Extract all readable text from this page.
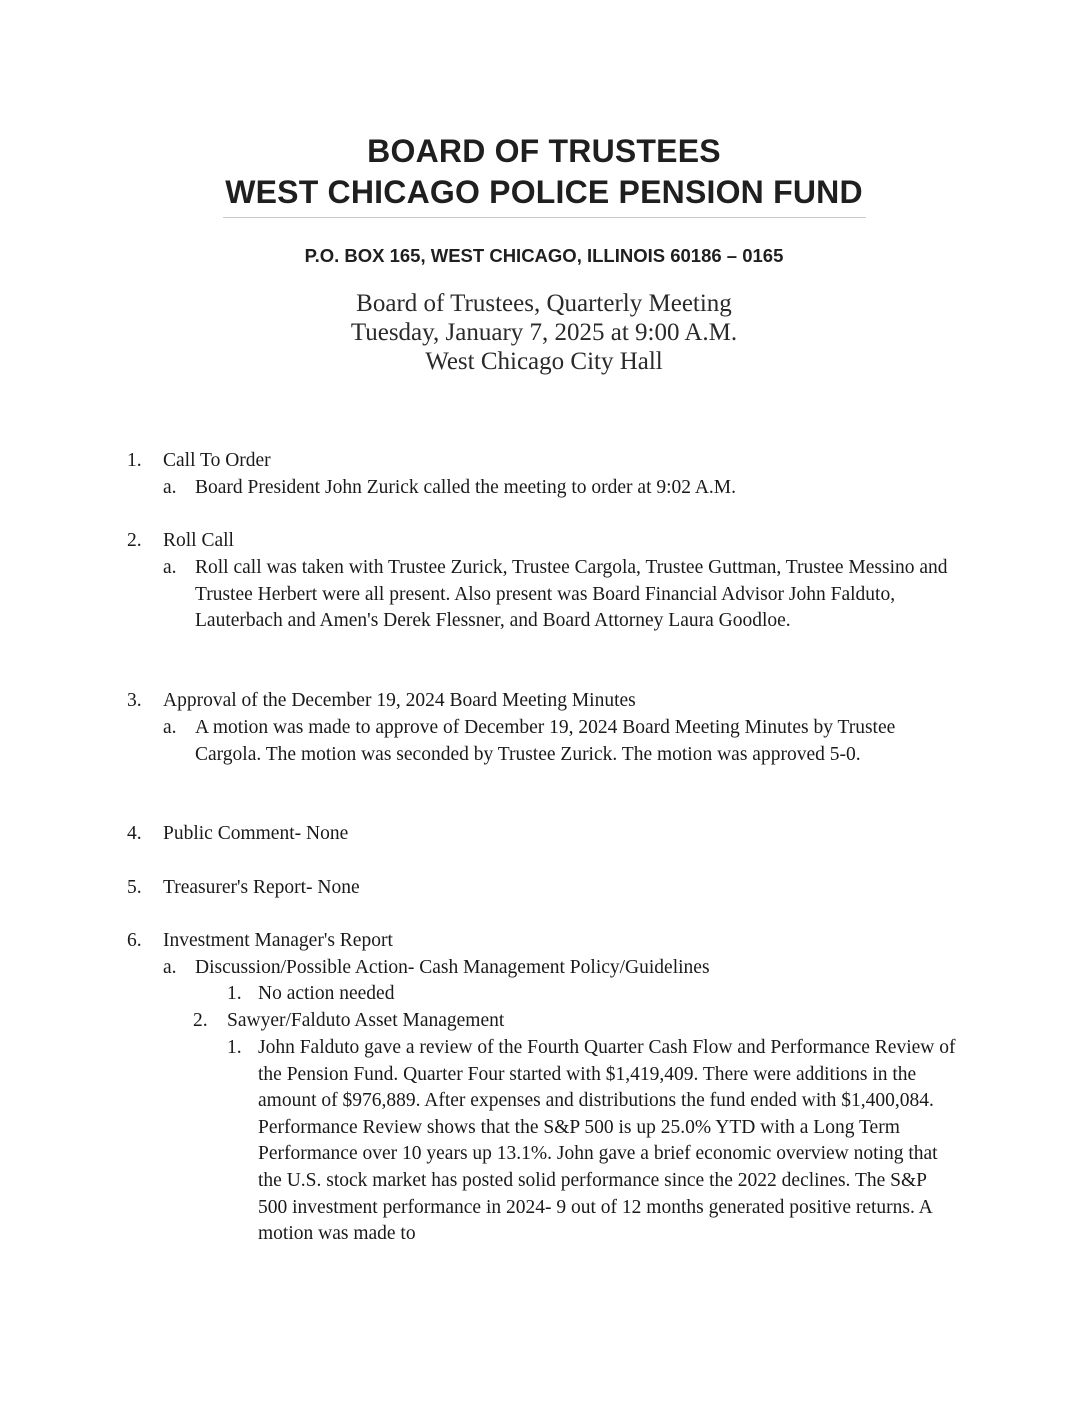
BOARD OF TRUSTEES
WEST CHICAGO POLICE PENSION FUND
P.O. BOX 165, WEST CHICAGO, ILLINOIS 60186 – 0165
Board of Trustees, Quarterly Meeting
Tuesday, January 7, 2025 at 9:00 A.M.
West Chicago City Hall
1. Call To Order
a. Board President John Zurick called the meeting to order at 9:02 A.M.
2. Roll Call
a. Roll call was taken with Trustee Zurick, Trustee Cargola, Trustee Guttman, Trustee Messino and Trustee Herbert were all present. Also present was Board Financial Advisor John Falduto, Lauterbach and Amen's Derek Flessner, and Board Attorney Laura Goodloe.
3. Approval of the December 19, 2024 Board Meeting Minutes
a. A motion was made to approve of December 19, 2024 Board Meeting Minutes by Trustee Cargola. The motion was seconded by Trustee Zurick. The motion was approved 5-0.
4. Public Comment- None
5. Treasurer's Report- None
6. Investment Manager's Report
a. Discussion/Possible Action- Cash Management Policy/Guidelines
1. No action needed
2. Sawyer/Falduto Asset Management
1. John Falduto gave a review of the Fourth Quarter Cash Flow and Performance Review of the Pension Fund. Quarter Four started with $1,419,409. There were additions in the amount of $976,889. After expenses and distributions the fund ended with $1,400,084. Performance Review shows that the S&P 500 is up 25.0% YTD with a Long Term Performance over 10 years up 13.1%. John gave a brief economic overview noting that the U.S. stock market has posted solid performance since the 2022 declines. The S&P 500 investment performance in 2024- 9 out of 12 months generated positive returns. A motion was made to
